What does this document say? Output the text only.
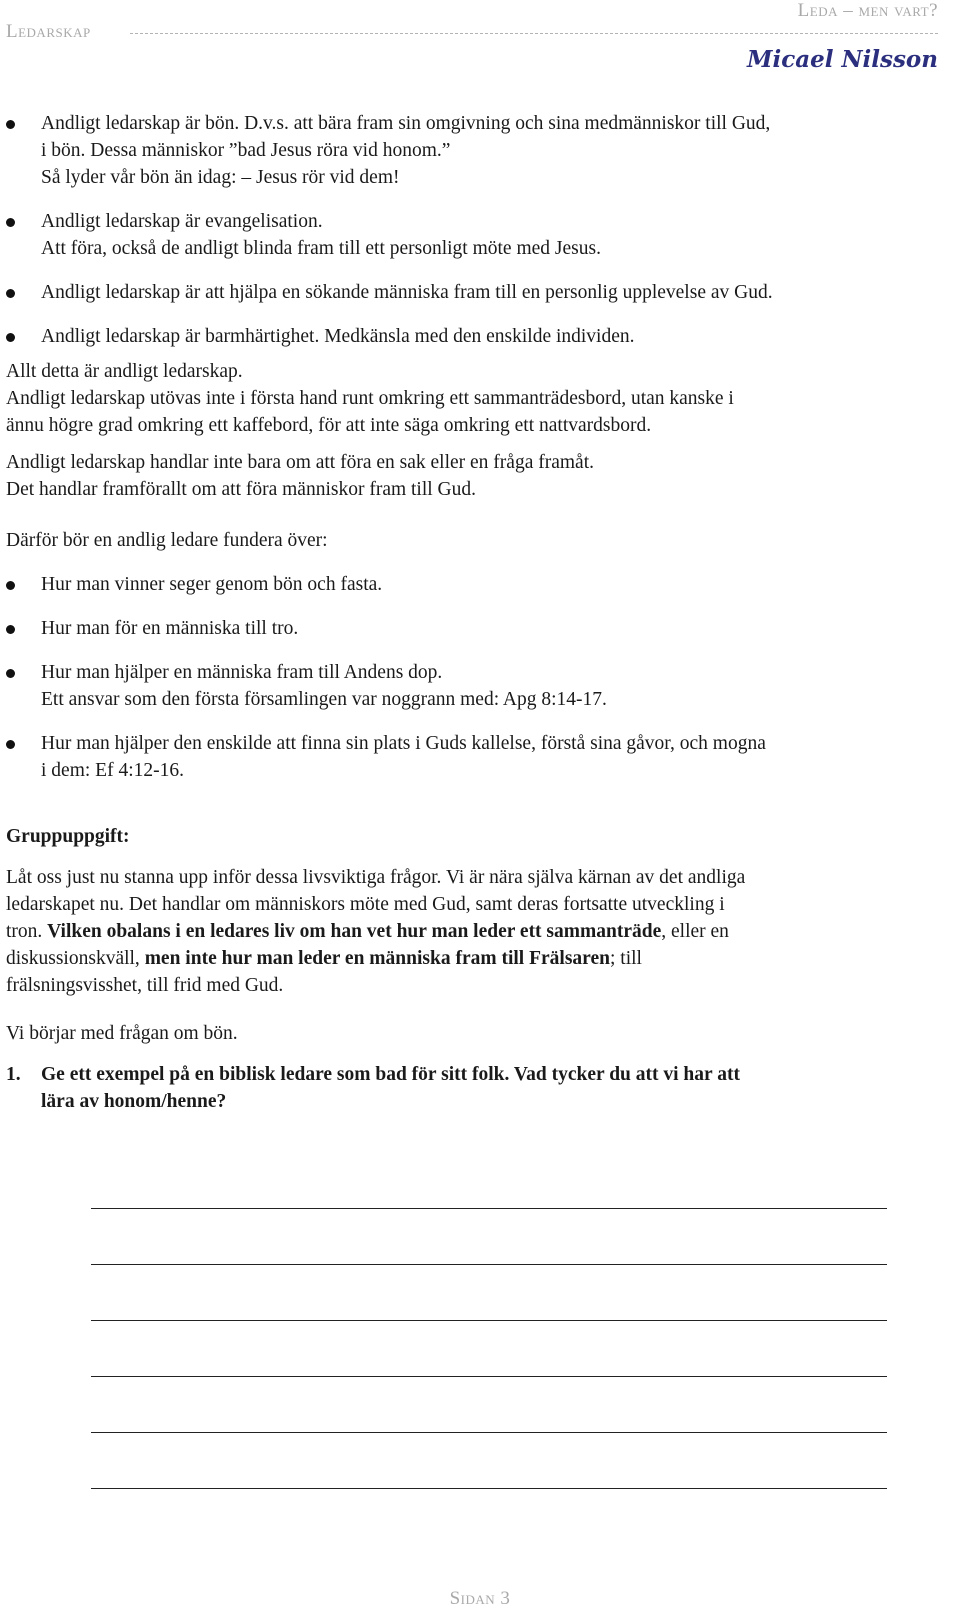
Ledarskap
Leda – men vart?
Micael Nilsson
Andligt ledarskap är bön. D.v.s. att bära fram sin omgivning och sina medmänniskor till Gud,
i bön. Dessa människor ”bad Jesus röra vid honom.”
Så lyder vår bön än idag: – Jesus rör vid dem!
Andligt ledarskap är evangelisation.
Att föra, också de andligt blinda fram till ett personligt möte med Jesus.
Andligt ledarskap är att hjälpa en sökande människa fram till en personlig upplevelse av Gud.
Andligt ledarskap är barmhärtighet. Medkänsla med den enskilde individen.

Allt detta är andligt ledarskap.
Andligt ledarskap utövas inte i första hand runt omkring ett sammanträdesbord, utan kanske i
ännu högre grad omkring ett kaffebord, för att inte säga omkring ett nattvardsbord.

Andligt ledarskap handlar inte bara om att föra en sak eller en fråga framåt.
Det handlar framförallt om att föra människor fram till Gud.

Därför bör en andlig ledare fundera över:

Hur man vinner seger genom bön och fasta.
Hur man för en människa till tro.
Hur man hjälper en människa fram till Andens dop.
Ett ansvar som den första församlingen var noggrann med: Apg 8:14-17.
Hur man hjälper den enskilde att finna sin plats i Guds kallelse, förstå sina gåvor, och mogna
i dem: Ef 4:12-16.

Gruppuppgift:

Låt oss just nu stanna upp inför dessa livsviktiga frågor. Vi är nära själva kärnan av det andliga
ledarskapet nu. Det handlar om människors möte med Gud, samt deras fortsatte utveckling i
tron. Vilken obalans i en ledares liv om han vet hur man leder ett sammanträde, eller en
diskussionskväll, men inte hur man leder en människa fram till Frälsaren; till
frälsningsvisshet, till frid med Gud.

Vi börjar med frågan om bön.

1. Ge ett exempel på en biblisk ledare som bad för sitt folk. Vad tycker du att vi har att
lära av honom/henne?
Sidan 3
